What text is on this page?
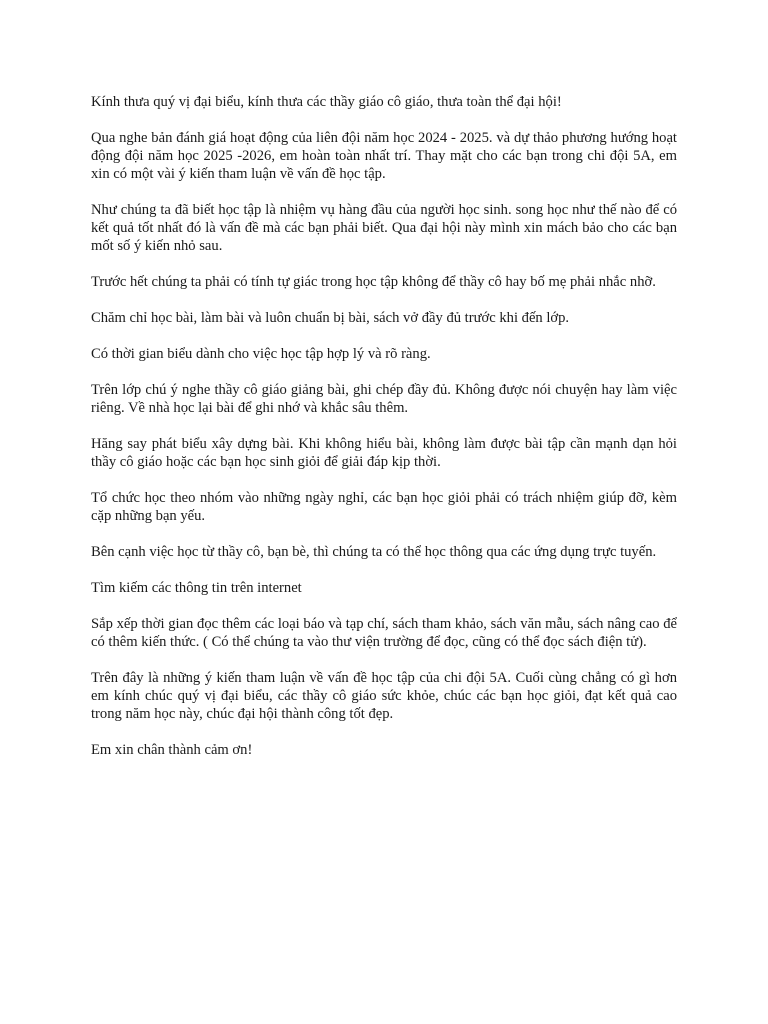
Kính thưa quý vị đại biểu, kính thưa các thầy giáo cô giáo, thưa toàn thể đại hội!

Qua nghe bản đánh giá hoạt động của liên đội năm học 2024 - 2025. và dự thảo phương hướng hoạt động đội năm học 2025 -2026, em hoàn toàn nhất trí. Thay mặt cho các bạn trong chi đội 5A, em xin có một vài ý kiến tham luận về vấn đề học tập.

Như chúng ta đã biết học tập là nhiệm vụ hàng đầu của người học sinh. song học như thế nào để có kết quả tốt nhất đó là vấn đề mà các bạn phải biết. Qua đại hội này mình xin mách bảo cho các bạn mốt số ý kiến nhỏ sau.

Trước hết chúng ta phải có tính tự giác trong học tập không để thầy cô hay bố mẹ phải nhắc nhỡ.

Chăm chỉ học bài, làm bài và luôn chuẩn bị bài, sách vở đầy đủ trước khi đến lớp.

Có thời gian biểu dành cho việc học tập hợp lý và rõ ràng.

Trên lớp chú ý nghe thầy cô giáo giảng bài, ghi chép đầy đủ. Không được nói chuyện hay làm việc riêng. Về nhà học lại bài để ghi nhớ và khắc sâu thêm.

Hăng say phát biểu xây dựng bài. Khi không hiểu bài, không làm được bài tập cần mạnh dạn hỏi thầy cô giáo hoặc các bạn học sinh giỏi để giải đáp kịp thời.

Tổ chức học theo nhóm vào những ngày nghỉ, các bạn học giỏi phải có trách nhiệm giúp đỡ, kèm cặp những bạn yếu.

Bên cạnh việc học từ thầy cô, bạn bè, thì chúng ta có thể học thông qua các ứng dụng trực tuyến.

Tìm kiếm các thông tin trên internet

Sắp xếp thời gian đọc thêm các loại báo và tạp chí, sách tham khảo, sách văn mẫu, sách nâng cao để có thêm kiến thức. ( Có thể chúng ta vào thư viện trường để đọc, cũng có thể đọc sách điện tử).

Trên đây là những ý kiến tham luận về vấn đề học tập của chi đội 5A. Cuối cùng chẳng có gì hơn em kính chúc quý vị đại biểu, các thầy cô giáo sức khỏe, chúc các bạn học giỏi, đạt kết quả cao trong năm học này, chúc đại hội thành công tốt đẹp.

Em xin chân thành cảm ơn!
